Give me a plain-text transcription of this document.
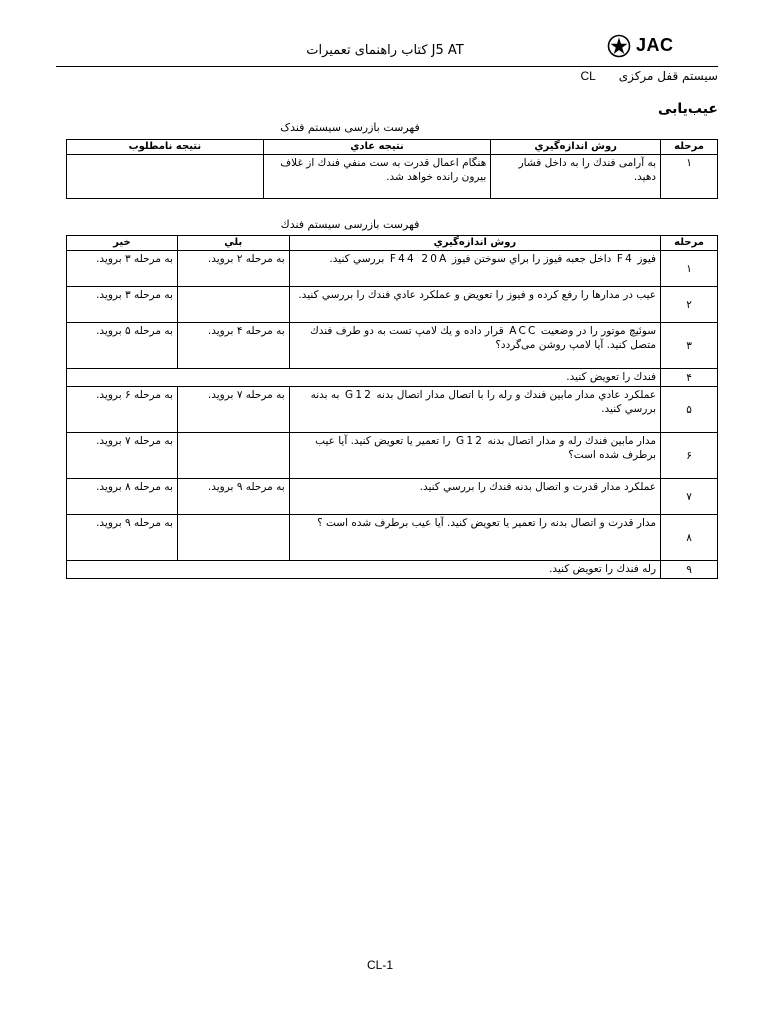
کتاب راهنمای تعمیرات J5 AT	JAC
سیستم قفل مرکزی      CL
عیب‌یابی
فهرست بازرسی سیستم فندک
مرحله	روش اندازه‌گیري	نتیجه عادي	نتیجه نامطلوب
۱	به آرامی فندك را به داخل فشار دهید.	هنگام اعمال قدرت به ست منفي فندك از غلاف بیرون رانده خواهد شد.	
فهرست بازرسی سیستم فندك
مرحله	روش اندازه‌گیري	بلي	خیر
۱	فیوز F4 داخل جعبه فیوز را براي سوختن فیوز F44 20A بررسي کنید.	به مرحله ۲ بروید.	به مرحله ۳ بروید.
۲	عیب در مدارها را رفع کرده و فیوز را تعویض و عملکرد عادي فندك را بررسي کنید.		به مرحله ۳ بروید.
۳	سوئیچ موتور را در وضعیت ACC قرار داده و یك لامپ تست به دو طرف فندك متصل کنید. آیا لامپ روشن می‌گردد؟	به مرحله ۴ بروید.	به مرحله ۵ بروید.
۴	فندك را تعویض کنید.		
۵	عملکرد عادي مدار مابین فندك و رله را با اتصال مدار اتصال بدنه G12 به بدنه بررسي کنید.	به مرحله ۷ بروید.	به مرحله ۶ بروید.
۶	مدار مابین فندك رله و مدار اتصال بدنه G12 را تعمیر یا تعویض کنید. آیا عیب برطرف شده است؟		به مرحله ۷ بروید.
۷	عملکرد مدار قدرت و اتصال بدنه فندك را بررسي کنید.	به مرحله ۹ بروید.	به مرحله ۸ بروید.
۸	مدار قدرت و اتصال بدنه را تعمیر یا تعویض کنید. آیا عیب برطرف شده است ؟		به مرحله ۹ بروید.
۹	رله فندك را تعویض کنید.		
CL-1
